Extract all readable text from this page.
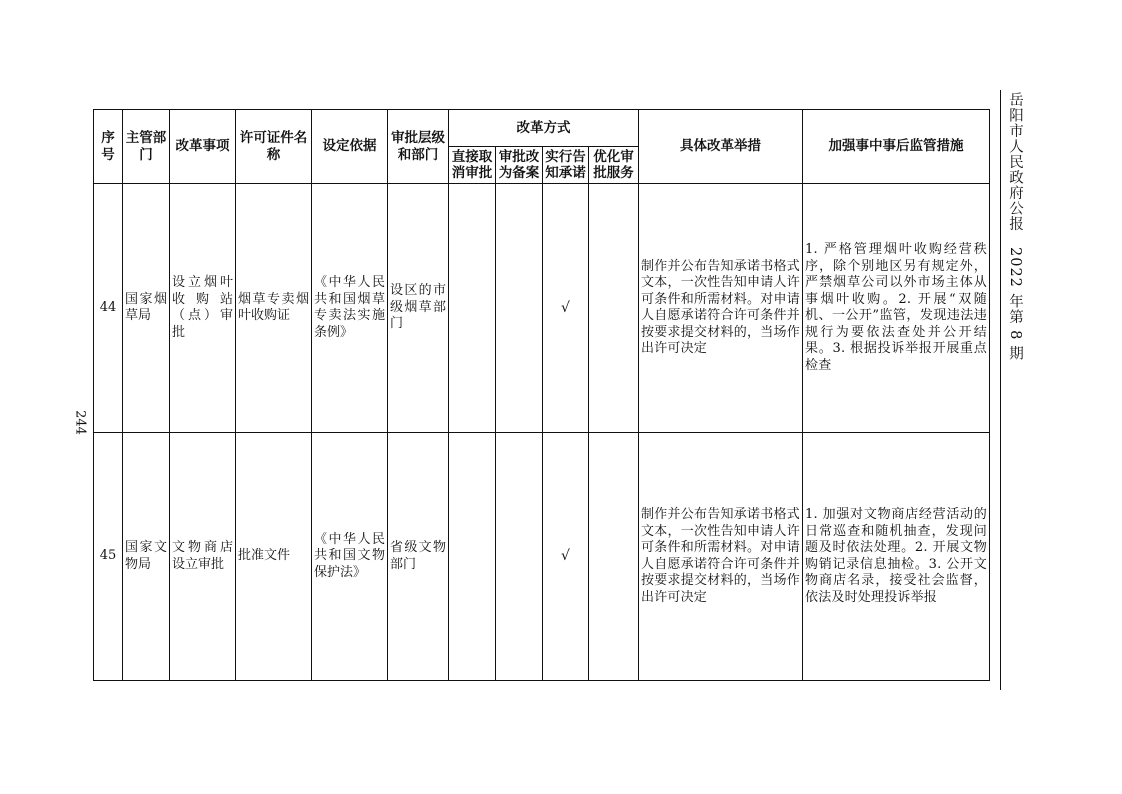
244
岳阳市人民政府公报　2022 年第 8 期
序号	主管部门	改革事项	许可证件名称	设定依据	审批层级和部门	改革方式				具体改革举措	加强事中事后监管措施
						直接取消审批	审批改为备案	实行告知承诺	优化审批服务		
44	国家烟草局	设立烟叶收购站（点）审批	烟草专卖烟叶收购证	《中华人民共和国烟草专卖法实施条例》	设区的市级烟草部门			√		制作并公布告知承诺书格式文本，一次性告知申请人许可条件和所需材料。对申请人自愿承诺符合许可条件并按要求提交材料的，当场作出许可决定	1. 严格管理烟叶收购经营秩序，除个别地区另有规定外，严禁烟草公司以外市场主体从事烟叶收购。2. 开展“双随机、一公开”监管，发现违法违规行为要依法查处并公开结果。3. 根据投诉举报开展重点检查
45	国家文物局	文物商店设立审批	批准文件	《中华人民共和国文物保护法》	省级文物部门			√		制作并公布告知承诺书格式文本，一次性告知申请人许可条件和所需材料。对申请人自愿承诺符合许可条件并按要求提交材料的，当场作出许可决定	1. 加强对文物商店经营活动的日常巡查和随机抽查，发现问题及时依法处理。2. 开展文物购销记录信息抽检。3. 公开文物商店名录，接受社会监督，依法及时处理投诉举报
